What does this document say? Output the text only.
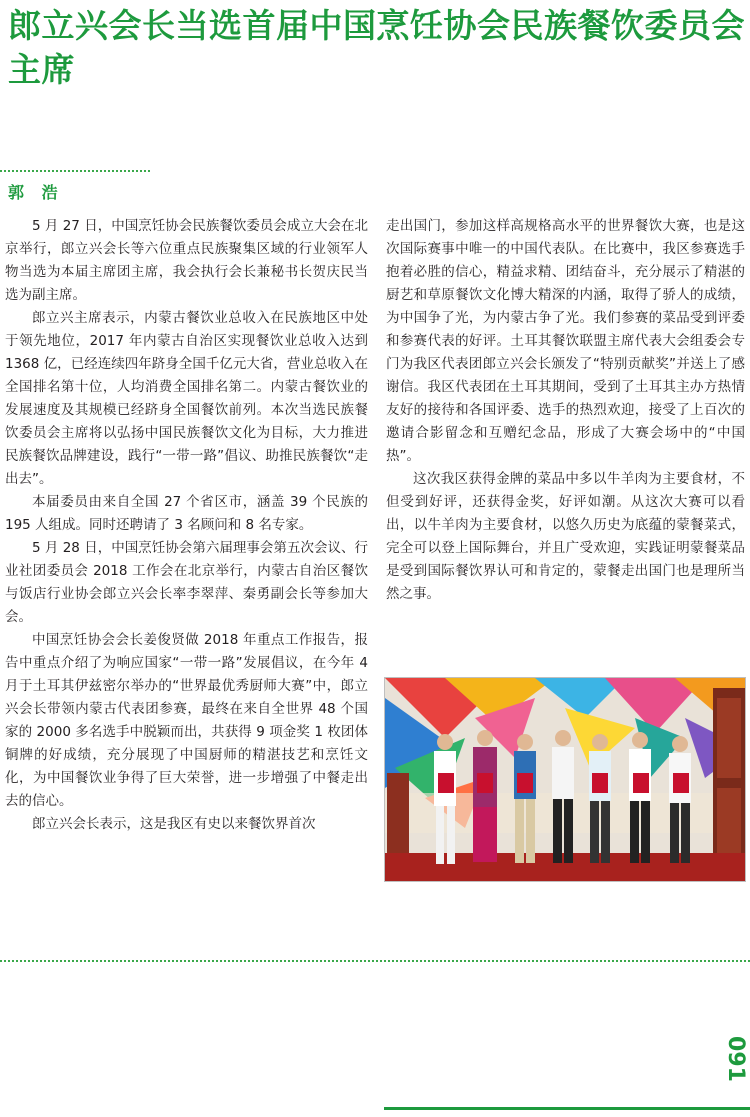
郎立兴会长当选首届中国烹饪协会民族餐饮委员会主席
郭 浩

5 月 27 日，中国烹饪协会民族餐饮委员会成立大会在北京举行，郎立兴会长等六位重点民族聚集区域的行业领军人物当选为本届主席团主席，我会执行会长兼秘书长贺庆民当选为副主席。

郎立兴主席表示，内蒙古餐饮业总收入在民族地区中处于领先地位，2017 年内蒙古自治区实现餐饮业总收入达到 1368 亿，已经连续四年跻身全国千亿元大省，营业总收入在全国排名第十位，人均消费全国排名第二。内蒙古餐饮业的发展速度及其规模已经跻身全国餐饮前列。本次当选民族餐饮委员会主席将以弘扬中国民族餐饮文化为目标，大力推进民族餐饮品牌建设，践行“一带一路”倡议、助推民族餐饮“走出去”。

本届委员由来自全国 27 个省区市，涵盖 39 个民族的 195 人组成。同时还聘请了 3 名顾问和 8 名专家。

5 月 28 日，中国烹饪协会第六届理事会第五次会议、行业社团委员会 2018 工作会在北京举行，内蒙古自治区餐饮与饭店行业协会郎立兴会长率李翠萍、秦勇副会长等参加大会。

中国烹饪协会会长姜俊贤做 2018 年重点工作报告，报告中重点介绍了为响应国家“一带一路”发展倡议，在今年 4 月于土耳其伊兹密尔举办的“世界最优秀厨师大赛”中，郎立兴会长带领内蒙古代表团参赛，最终在来自全世界 48 个国家的 2000 多名选手中脱颖而出，共获得 9 项金奖 1 枚团体铜牌的好成绩，充分展现了中国厨师的精湛技艺和烹饪文化，为中国餐饮业争得了巨大荣誉，进一步增强了中餐走出去的信心。

郎立兴会长表示，这是我区有史以来餐饮界首次

走出国门，参加这样高规格高水平的世界餐饮大赛，也是这次国际赛事中唯一的中国代表队。在比赛中，我区参赛选手抱着必胜的信心，精益求精、团结奋斗，充分展示了精湛的厨艺和草原餐饮文化博大精深的内涵，取得了骄人的成绩，为中国争了光，为内蒙古争了光。我们参赛的菜品受到评委和参赛代表的好评。土耳其餐饮联盟主席代表大会组委会专门为我区代表团郎立兴会长颁发了“特别贡献奖”并送上了感谢信。我区代表团在土耳其期间，受到了土耳其主办方热情友好的接待和各国评委、选手的热烈欢迎，接受了上百次的邀请合影留念和互赠纪念品，形成了大赛会场中的“中国热”。

这次我区获得金牌的菜品中多以牛羊肉为主要食材，不但受到好评，还获得金奖，好评如潮。从这次大赛可以看出，以牛羊肉为主要食材，以悠久历史为底蕴的蒙餐菜式，完全可以登上国际舞台，并且广受欢迎，实践证明蒙餐菜品是受到国际餐饮界认可和肯定的，蒙餐走出国门也是理所当然之事。

091
